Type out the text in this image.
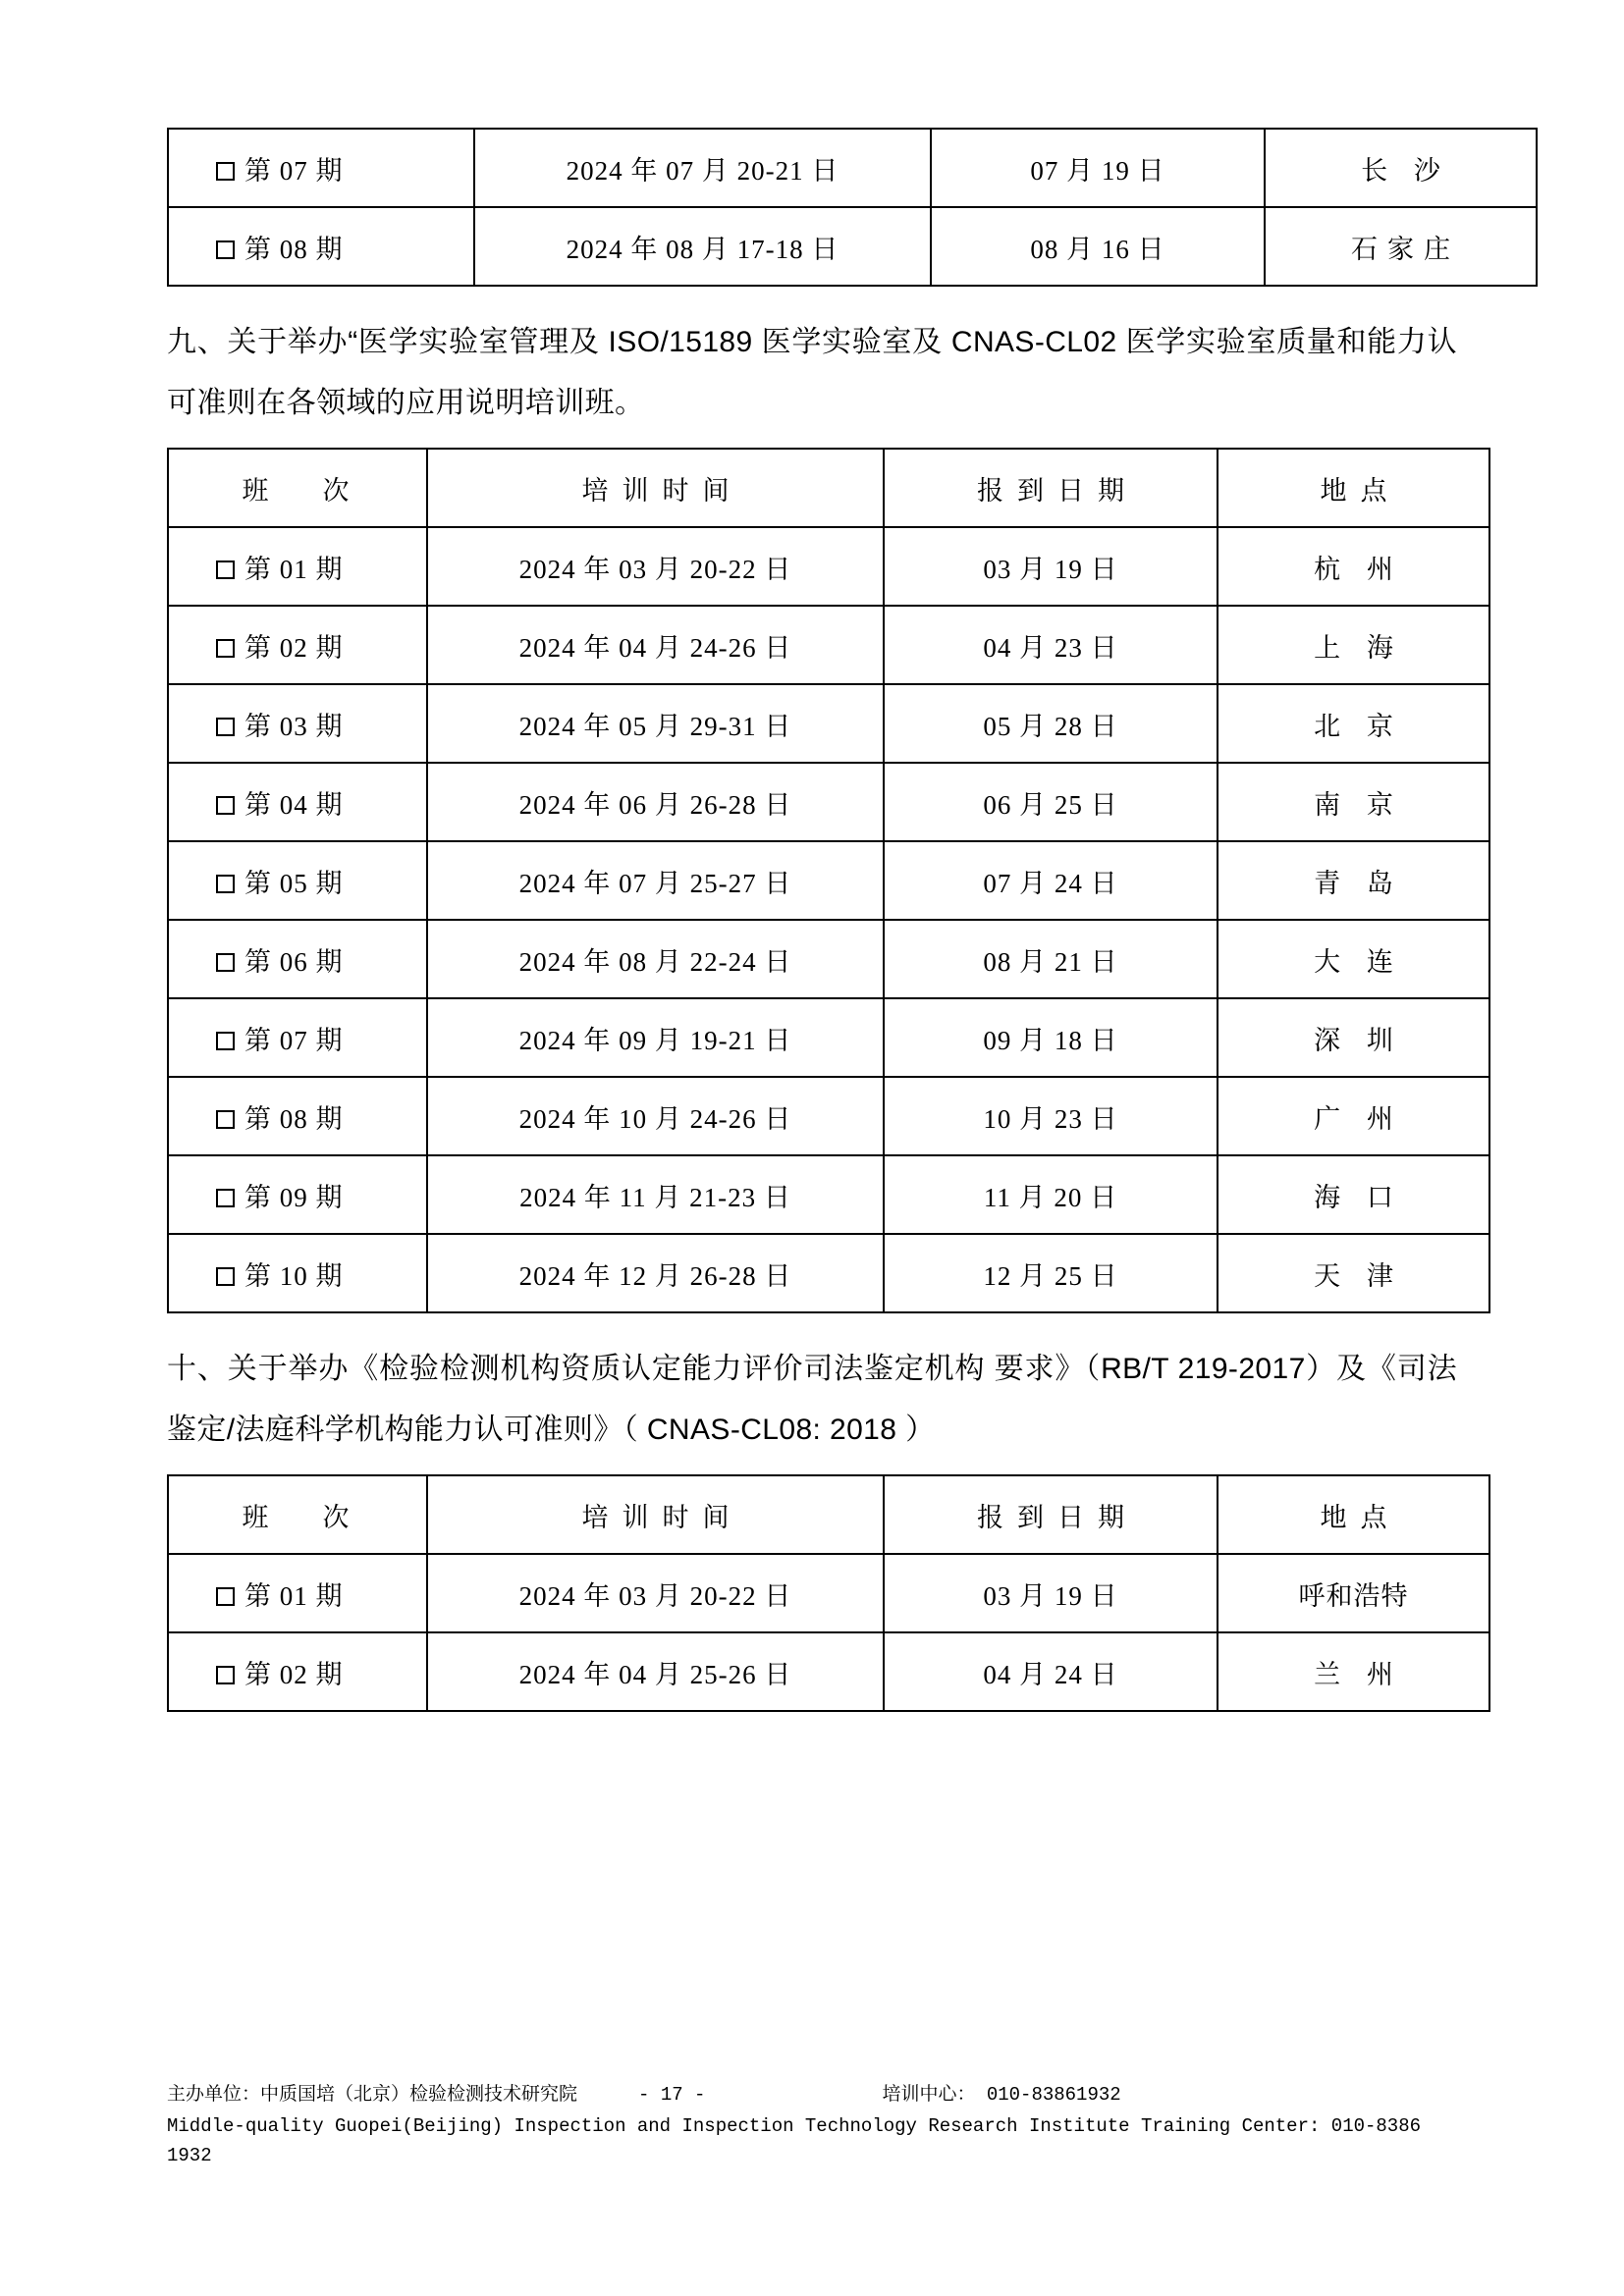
第 07 期	2024 年 07 月 20-21 日	07 月 19 日	长 沙
第 08 期	2024 年 08 月 17-18 日	08 月 16 日	石家庄
九、关于举办“医学实验室管理及 ISO/15189 医学实验室及 CNAS-CL02 医学实验室质量和能力认可准则在各领域的应用说明培训班。
班　次	培训时间	报到日期	地点
第 01 期	2024 年 03 月 20-22 日	03 月 19 日	杭 州
第 02 期	2024 年 04 月 24-26 日	04 月 23 日	上 海
第 03 期	2024 年 05 月 29-31 日	05 月 28 日	北 京
第 04 期	2024 年 06 月 26-28 日	06 月 25 日	南 京
第 05 期	2024 年 07 月 25-27 日	07 月 24 日	青 岛
第 06 期	2024 年 08 月 22-24 日	08 月 21 日	大 连
第 07 期	2024 年 09 月 19-21 日	09 月 18 日	深 圳
第 08 期	2024 年 10 月 24-26 日	10 月 23 日	广 州
第 09 期	2024 年 11 月 21-23 日	11 月 20 日	海 口
第 10 期	2024 年 12 月 26-28 日	12 月 25 日	天 津
十、关于举办《检验检测机构资质认定能力评价司法鉴定机构 要求》（RB/T 219-2017）及《司法鉴定/法庭科学机构能力认可准则》（ CNAS-CL08: 2018 ）
班　次	培训时间	报到日期	地点
第 01 期	2024 年 03 月 20-22 日	03 月 19 日	呼和浩特
第 02 期	2024 年 04 月 25-26 日	04 月 24 日	兰 州
主办单位：中质国培（北京）检验检测技术研究院	- 17 -	培训中心： 010-83861932
Middle-quality Guopei(Beijing) Inspection and Inspection Technology Research Institute Training Center: 010-8386 1932
